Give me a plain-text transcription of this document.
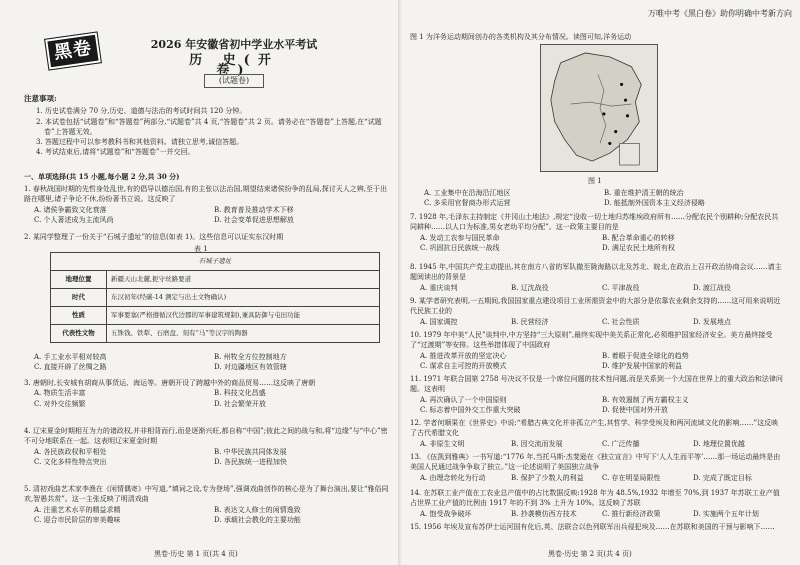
万唯中考《黑白卷》助你明确中考新方向
黑卷	2026 年安徽省初中学业水平考试
历 史(开卷)
(试题卷)
注意事项:

1. 历史试卷满分 70 分,历史、道德与法治的考试时间共 120 分钟。

2. 本试卷包括“试题卷”和“答题卷”两部分,“试题卷”共 4 页,“答题卷”共 2 页。请务必在“答题卷”上答题,在“试题卷”上答题无效。

3. 答题过程中可以参考教科书和其他资料。请独立思考,诚信答题。

4. 考试结束后,请将“试题卷”和“答题卷”一并交回。

一、单项选择(共 15 小题,每小题 2 分,共 30 分)
1. 春秋战国时期的先哲身处乱世,有的倡导以德治国,有的主张以法治国,期望结束诸侯纷争的乱局,探讨天人之辨,至于出路在哪里,诸子争论不休,纷纷著书立说。这反映了
A. 诸侯争霸致文化衰落	B. 教育普及推动学术下移
C. 个人著述成为主流风尚	D. 社会变革促进思想解放
2. 某同学整理了一份关于“石城子遗址”的信息(如表 1)。这些信息可以证实东汉时期
表 1
石城子遗址	
地理位置	新疆天山北麓,扼守丝路要道
时代	东汉初年(经碳-14 测定与出土文物确认)
性质	军事要塞(严格遵循汉代边郡的军事建筑规制),兼具防御与屯田功能
代表性文物	五铢钱、铁犁、石磨盘、刻有“马”等汉字的陶器
A. 手工业水平相对较高	B. 州牧全方位控制地方
C. 直接开辟了丝绸之路	D. 对边疆地区有效管辖
3. 唐朝时,长安城有胡商从事货运、海运等。唐朝开设了跨越中外的商品贸易……这反映了唐朝
A. 物质生活丰富	B. 科技文化昌盛
C. 对外交往频繁	D. 社会繁荣开放
4. 辽宋夏金时期相互为力的诸政权,并非相背而行,而是逐渐兴旺,都自称“中国”;彼此之间的战与和,将“边缘”与“中心”密不可分地联系在一起。这表明辽宋夏金时期
A. 各民族政权和平相处	B. 中华民族共同体发展
C. 文化多样性特点突出	D. 各民族统一进程加快
5. 清初戏曲艺术家李渔在《闲情偶寄》中写道,“填词之设,专为登场”,强调戏曲创作的核心是为了舞台演出,要让“雅俗同欢,智愚共赏”。这一主张反映了明清戏曲
A. 注重艺术水平的精益求精	B. 表达文人修士的闲情逸致
C. 迎合市民阶层的审美趣味	D. 承载社会教化的主要功能
黑卷·历史 第 1 页(共 4 页)
图 1 为洋务运动期间创办的各类机构及其分布情况。读图可知,洋务运动
图 1
A. 工业集中在沿海沿江地区	B. 重在维护清王朝的统治
C. 多采用官督商办形式运营	D. 能抵制外国资本主义经济侵略
7. 1928 年,毛泽东主持制定《井冈山土地法》,规定“没收一切土地归苏维埃政府所有……分配农民个别耕种;分配农民共同耕种……以人口为标准,男女老幼平均分配”。这一政策主要目的是
A. 发动工农参与国民革命	B. 配合革命重心的转移
C. 巩固抗日民族统一战线	D. 满足农民土地所有权
8. 1945 年,中国共产党主动提出,其在南方八省的军队撤至陇海路以北及苏北、皖北,在政治上召开政治协商会议……请主题阅读出的背景是
A. 重庆谈判	B. 辽沈战役	C. 平津战役	D. 渡江战役
9. 某学者研究表明,一五期间,我国国家重点建设项目工业所需资金中的大部分是依靠农业剩余支持的……这可用来说明近代民族工业的
A. 国家调控	B. 民营经济	C. 社会性质	D. 发展地点
10. 1979 年中美“人民”谈判中,中方坚持“三大原则”,最终实现中美关系正常化,必须维护国家经济安全。美方最终接受了“过渡期”等安排。这些举措体现了中国政府
A. 推进改革开放的坚定决心	B. 着眼于促进全球化的趋势
C. 谋求自主可控的开放模式	D. 维护发展中国家的利益
11. 1971 年联合国第 2758 号决议不仅是一个席位问题的技术性问题,而是关系到一个大国在世界上的重大政治和法律问题。这表明
A. 再次确认了一个中国原则	B. 有效遏制了两方霸权主义
C. 标志着中国外交工作重大突破	D. 促使中国对外开放
12. 学者何顺果在《世界史》中说:“希腊古典文化并非孤立产生,其哲学、科学受埃及和两河流域文化的影响……”这反映了古代希腊文化
A. 非原生文明	B. 因交流而发展	C. 广泛传播	D. 地理位置优越
13. 《伍凯到雅典》一书写道:“1776 年,当托马斯·杰斐逊在《独立宣言》中写下‘人人生而平等’……那一场运动最终是由美国人民通过战争争取了独立。”这一论述说明了美国独立战争
A. 由理念转化为行动	B. 保护了少数人的利益	C. 存在明显局限性	D. 完成了既定目标
14. 在苏联工业产值在工农业总产值中的占比数据反映:1928 年为 48.5%,1932 年增至 70%,到 1937 年苏联工业产值占世界工业产值的比例由 1917 年的不到 3% 上升为 10%。这反映了苏联
A. 饱受战争破坏	B. 抄袭模仿西方技术	C. 推行新经济政策	D. 实施两个五年计划
15. 1956 年埃及宣布苏伊士运河国有化后,英、法联合以色列联军出兵侵犯埃及……在苏联和美国的干预与影响下……
黑卷·历史 第 2 页(共 4 页)
